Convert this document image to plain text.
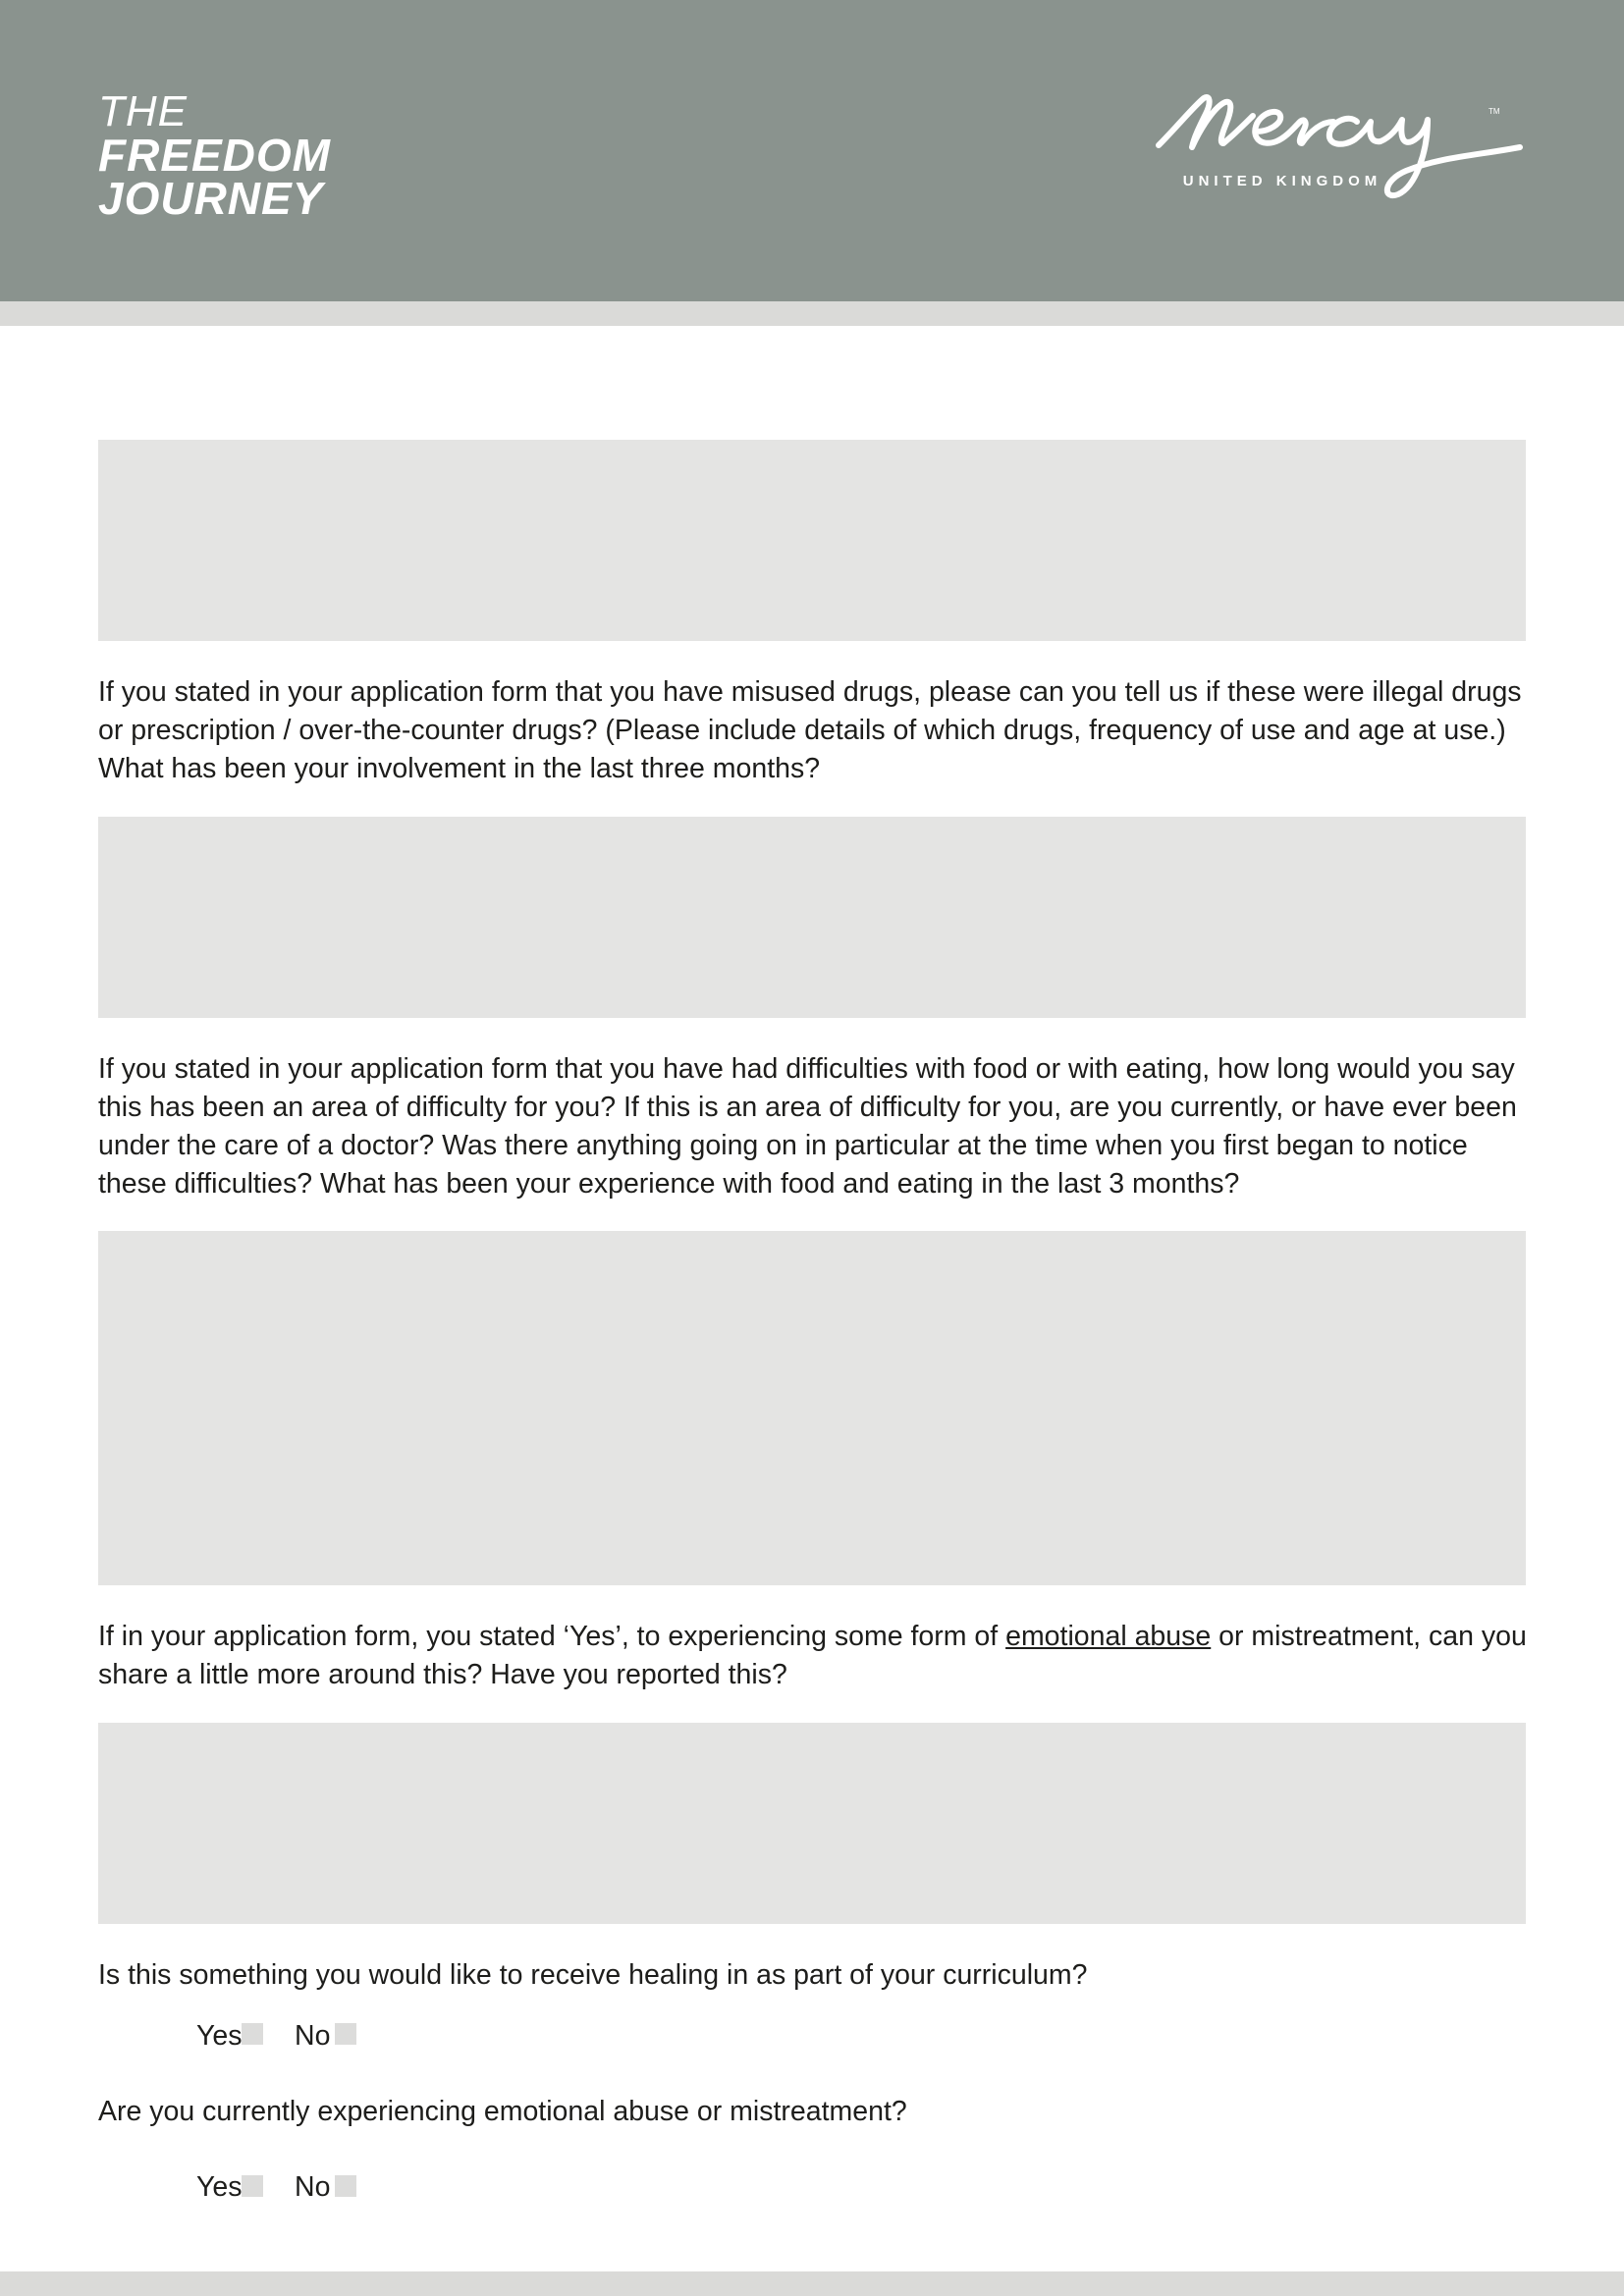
THE
FREEDOM
JOURNEY
TM
UNITED KINGDOM

If you stated in your application form that you have misused drugs, please can you tell us if these were illegal drugs or prescription / over-the-counter drugs? (Please include details of which drugs, frequency of use and age at use.) What has been your involvement in the last three months?

If you stated in your application form that you have had difficulties with food or with eating, how long would you say this has been an area of difficulty for you? If this is an area of difficulty for you, are you currently, or have ever been under the care of a doctor? Was there anything going on in particular at the time when you first began to notice these difficulties? What has been your experience with food and eating in the last 3 months?

If in your application form, you stated ‘Yes’, to experiencing some form of emotional abuse or mistreatment, can you share a little more around this? Have you reported this?

Is this something you would like to receive healing in as part of your curriculum?

Yes No

Are you currently experiencing emotional abuse or mistreatment?

Yes No
